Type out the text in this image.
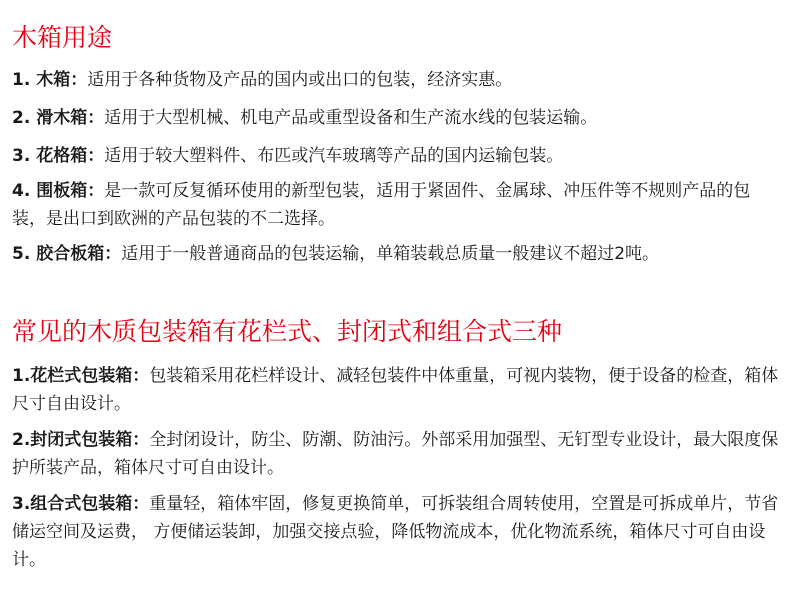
木箱用途

1. 木箱：适用于各种货物及产品的国内或出口的包装，经济实惠。

2. 滑木箱：适用于大型机械、机电产品或重型设备和生产流水线的包装运输。

3. 花格箱：适用于较大塑料件、布匹或汽车玻璃等产品的国内运输包装。

4. 围板箱：是一款可反复循环使用的新型包装，适用于紧固件、金属球、冲压件等不规则产品的包装，是出口到欧洲的产品包装的不二选择。

5. 胶合板箱：适用于一般普通商品的包装运输，单箱装载总质量一般建议不超过2吨。

常见的木质包装箱有花栏式、封闭式和组合式三种

1.花栏式包装箱：包装箱采用花栏样设计、减轻包装件中体重量，可视内装物，便于设备的检查，箱体尺寸自由设计。

2.封闭式包装箱：全封闭设计，防尘、防潮、防油污。外部采用加强型、无钉型专业设计，最大限度保护所装产品，箱体尺寸可自由设计。

3.组合式包装箱：重量轻，箱体牢固，修复更换简单，可拆装组合周转使用，空置是可拆成单片，节省储运空间及运费， 方便储运装卸，加强交接点验，降低物流成本，优化物流系统，箱体尺寸可自由设计。
